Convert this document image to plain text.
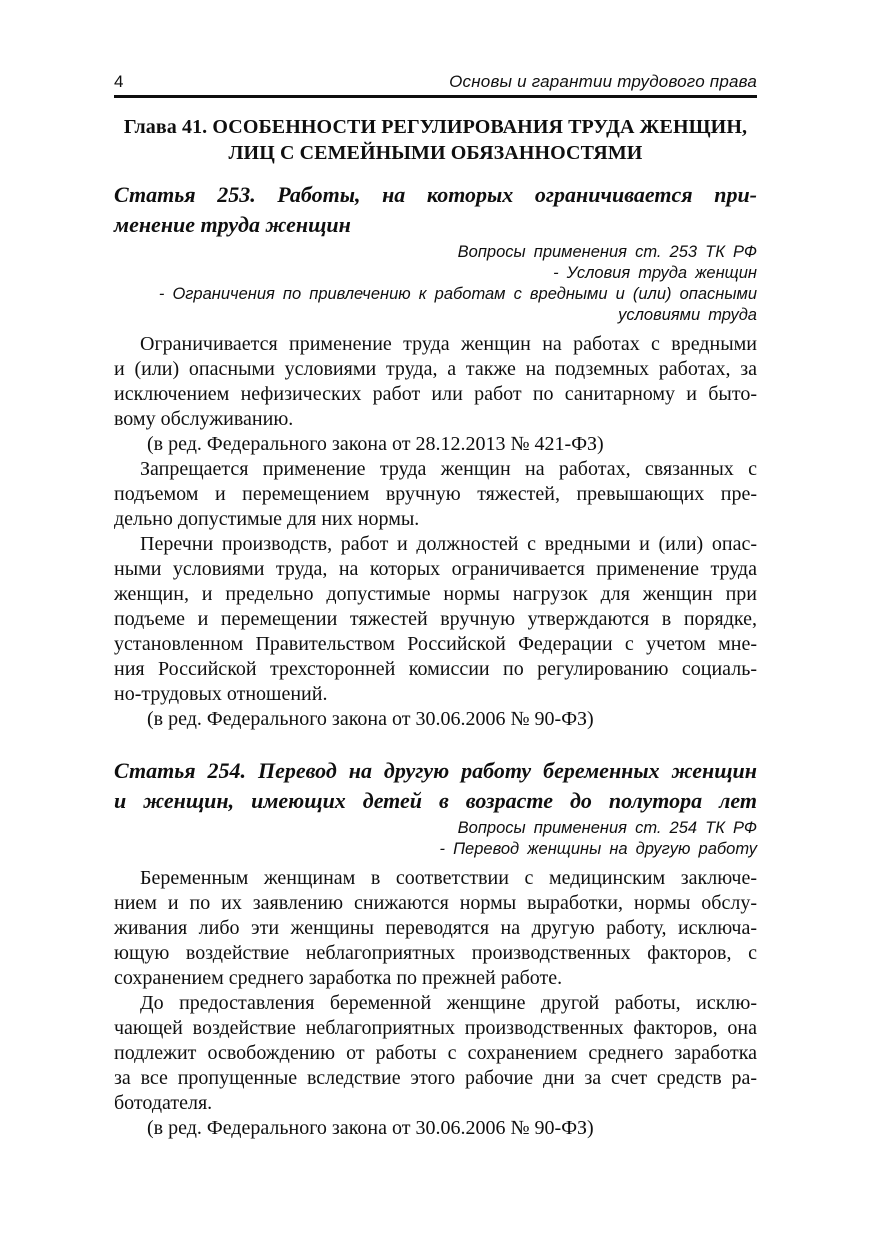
4	Основы и гарантии трудового права
Глава 41. ОСОБЕННОСТИ РЕГУЛИРОВАНИЯ ТРУДА ЖЕНЩИН,
ЛИЦ С СЕМЕЙНЫМИ ОБЯЗАННОСТЯМИ
Статья 253. Работы, на которых ограничивается при-
менение труда женщин
Вопросы применения ст. 253 ТК РФ
- Условия труда женщин
- Ограничения по привлечению к работам с вредными и (или) опасными
условиями труда
Ограничивается применение труда женщин на работах с вредными
и (или) опасными условиями труда, а также на подземных работах, за
исключением нефизических работ или работ по санитарному и быто-
вому обслуживанию.
(в ред. Федерального закона от 28.12.2013 № 421-ФЗ)
Запрещается применение труда женщин на работах, связанных с
подъемом и перемещением вручную тяжестей, превышающих пре-
дельно допустимые для них нормы.
Перечни производств, работ и должностей с вредными и (или) опас-
ными условиями труда, на которых ограничивается применение труда
женщин, и предельно допустимые нормы нагрузок для женщин при
подъеме и перемещении тяжестей вручную утверждаются в порядке,
установленном Правительством Российской Федерации с учетом мне-
ния Российской трехсторонней комиссии по регулированию социаль-
но-трудовых отношений.
(в ред. Федерального закона от 30.06.2006 № 90-ФЗ)
Статья 254. Перевод на другую работу беременных женщин
и женщин, имеющих детей в возрасте до полутора лет
Вопросы применения ст. 254 ТК РФ
- Перевод женщины на другую работу
Беременным женщинам в соответствии с медицинским заключе-
нием и по их заявлению снижаются нормы выработки, нормы обслу-
живания либо эти женщины переводятся на другую работу, исключа-
ющую воздействие неблагоприятных производственных факторов, с
сохранением среднего заработка по прежней работе.
До предоставления беременной женщине другой работы, исклю-
чающей воздействие неблагоприятных производственных факторов, она
подлежит освобождению от работы с сохранением среднего заработка
за все пропущенные вследствие этого рабочие дни за счет средств ра-
ботодателя.
(в ред. Федерального закона от 30.06.2006 № 90-ФЗ)
